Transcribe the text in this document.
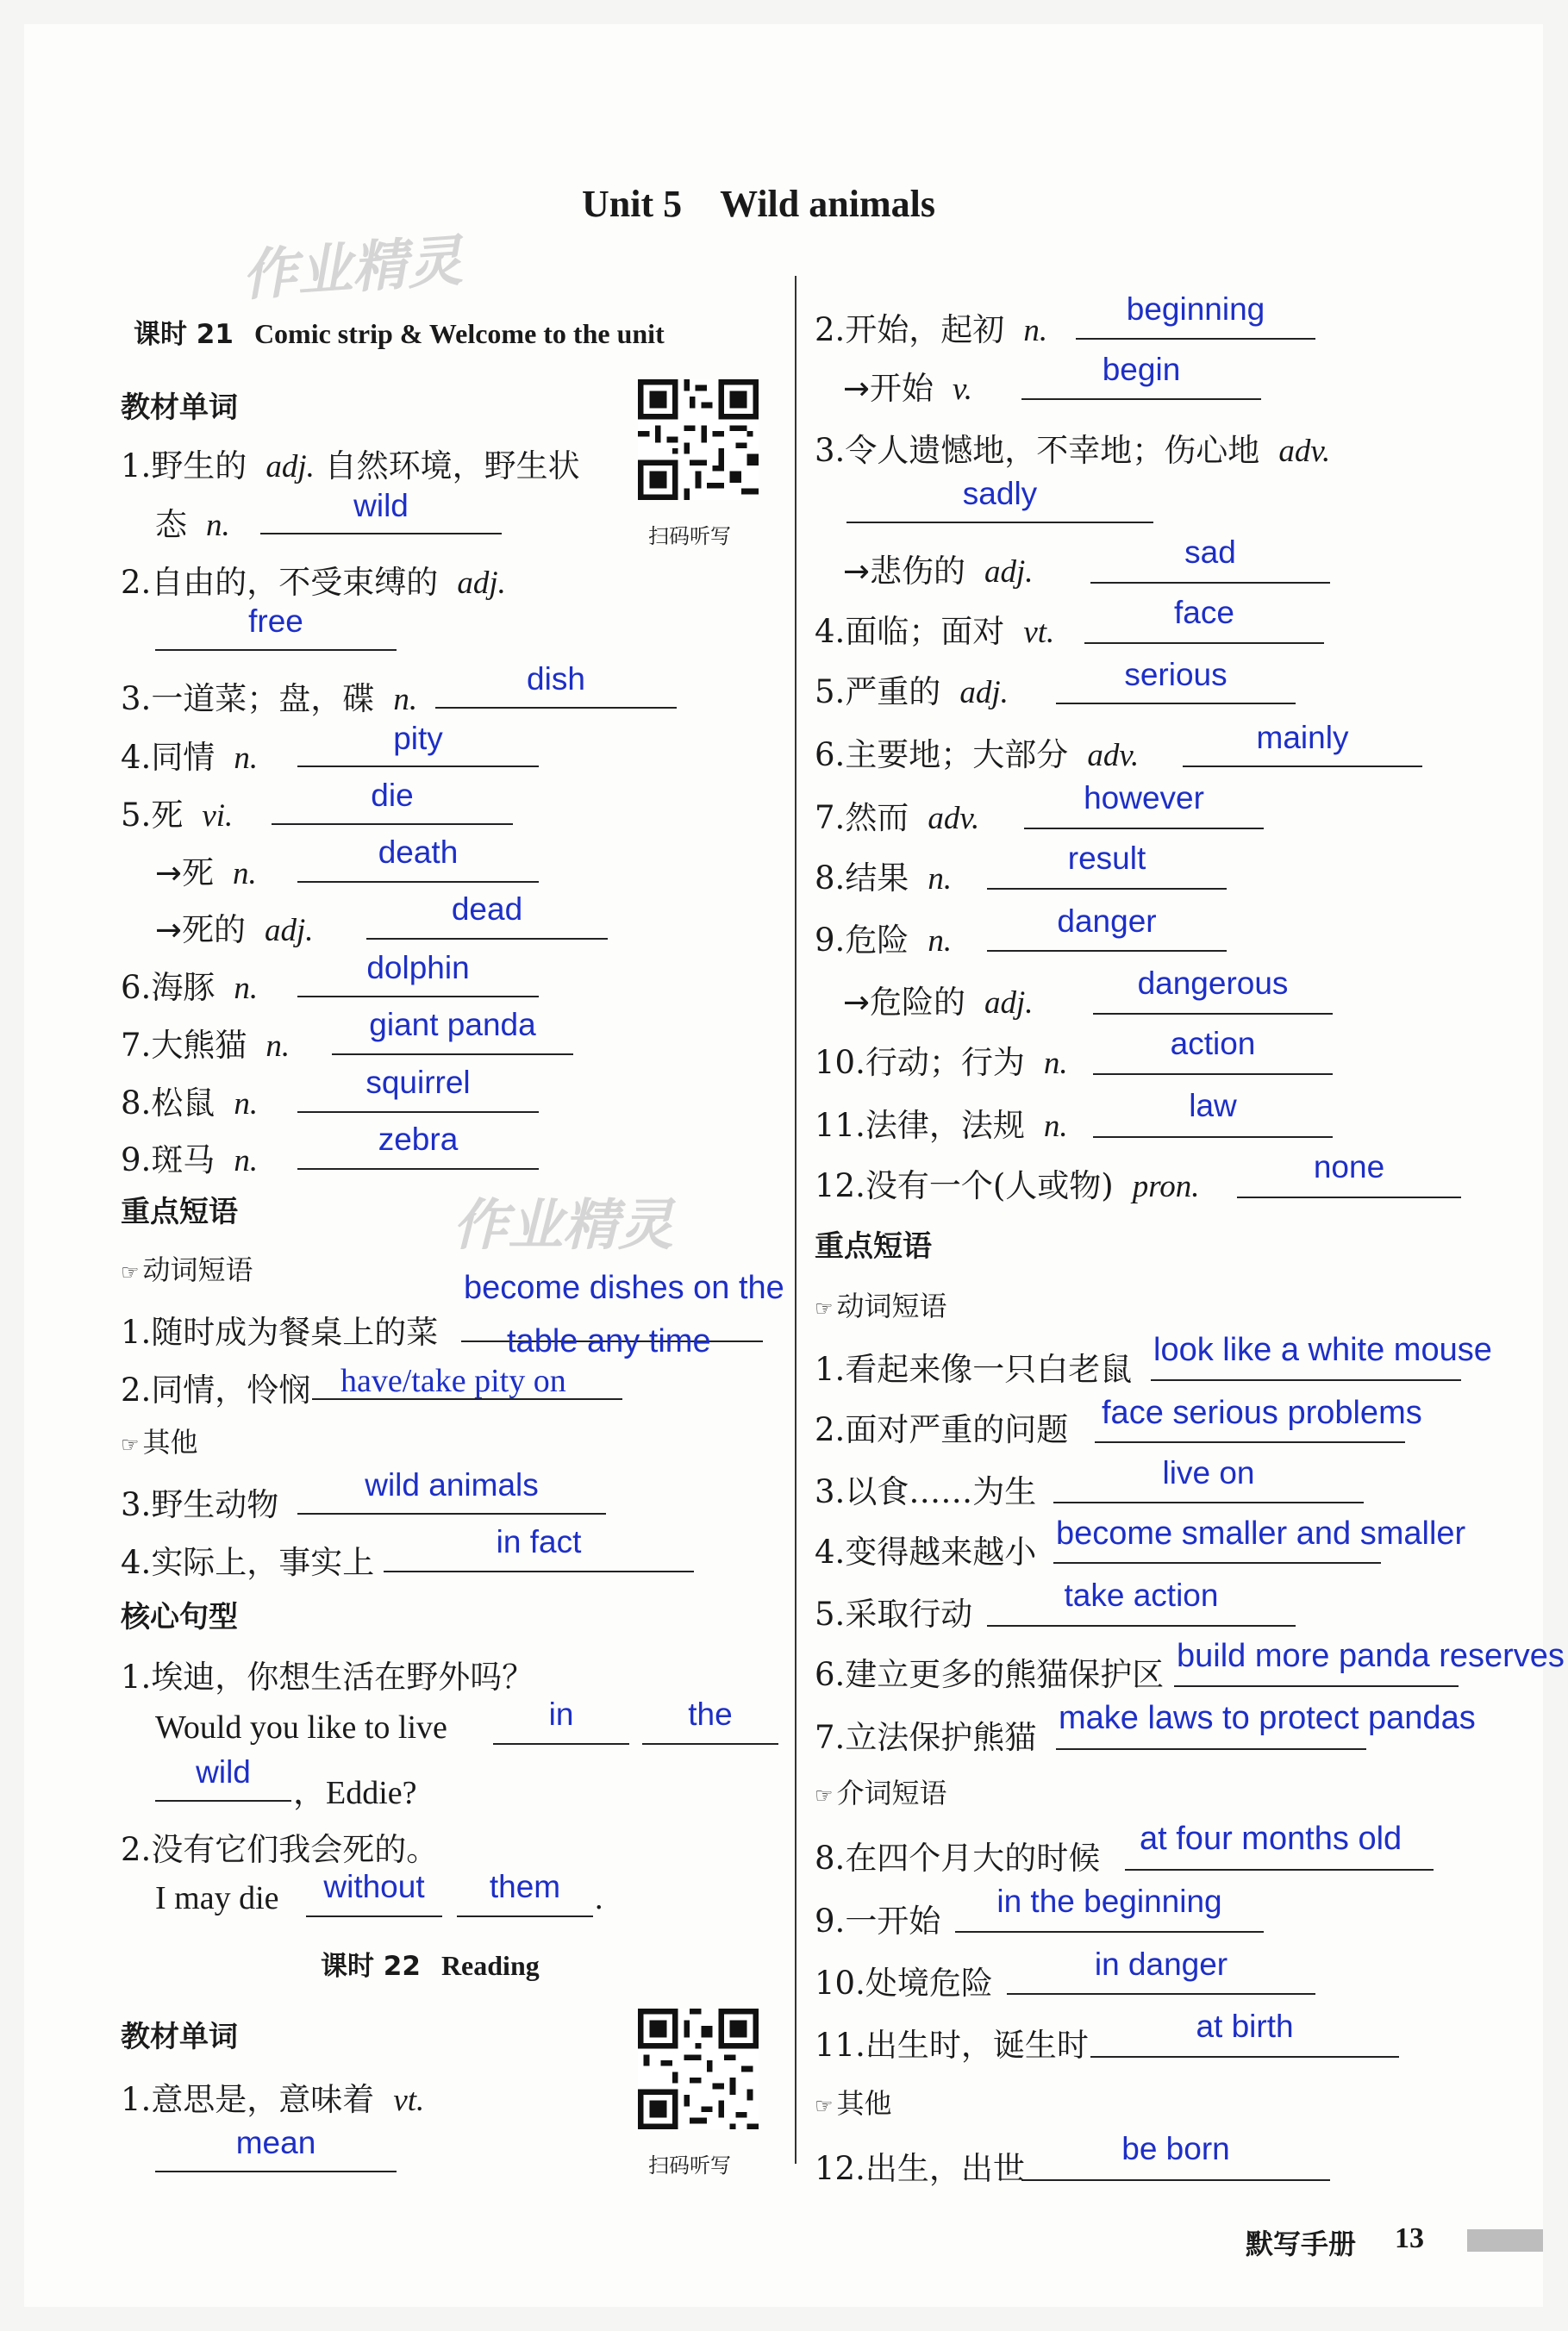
Unit 5　Wild animals
作业精灵
作业精灵
课时 21 Comic strip & Welcome to the unit
教材单词
扫码听写
1.野生的 adj. 自然环境，野生状
态 n.
wild
2.自由的，不受束缚的 adj.
free
3.一道菜；盘，碟 n.
dish
4.同情 n.
pity
5.死 vi.
die
→死 n.
death
→死的 adj.
dead
6.海豚 n.
dolphin
7.大熊猫 n.
giant panda
8.松鼠 n.
squirrel
9.斑马 n.
zebra
重点短语
☞ 动词短语
1.随时成为餐桌上的菜
become dishes on the
table any time
2.同情，怜悯 have/take pity on
☞ 其他
3.野生动物
wild animals
4.实际上，事实上
in fact
核心句型
1.埃迪，你想生活在野外吗？
Would you like to live	in	the
wild
，Eddie?
2.没有它们我会死的。
I may die	without	them	.
课时 22 Reading
教材单词
扫码听写
1.意思是，意味着 vt.
mean
2.开始，起初 n.
beginning
→开始 v.
begin
3.令人遗憾地，不幸地；伤心地 adv.
sadly
→悲伤的 adj.
sad
4.面临；面对 vt.
face
5.严重的 adj.
serious
6.主要地；大部分 adv.
mainly
7.然而 adv.
however
8.结果 n.
result
9.危险 n.
danger
→危险的 adj.
dangerous
10.行动；行为 n.
action
11.法律，法规 n.
law
12.没有一个(人或物) pron.
none
重点短语
☞ 动词短语
1.看起来像一只白老鼠
look like a white mouse
2.面对严重的问题 face serious problems
3.以食……为生
live on
4.变得越来越小 become smaller and smaller
5.采取行动
take action
6.建立更多的熊猫保护区 build more panda reserves
7.立法保护熊猫
make laws to protect pandas
☞ 介词短语
8.在四个月大的时候
at four months old
9.一开始
in the beginning
10.处境危险
in danger
11.出生时，诞生时
at birth
☞ 其他
12.出生，出世
be born
默写手册 13
